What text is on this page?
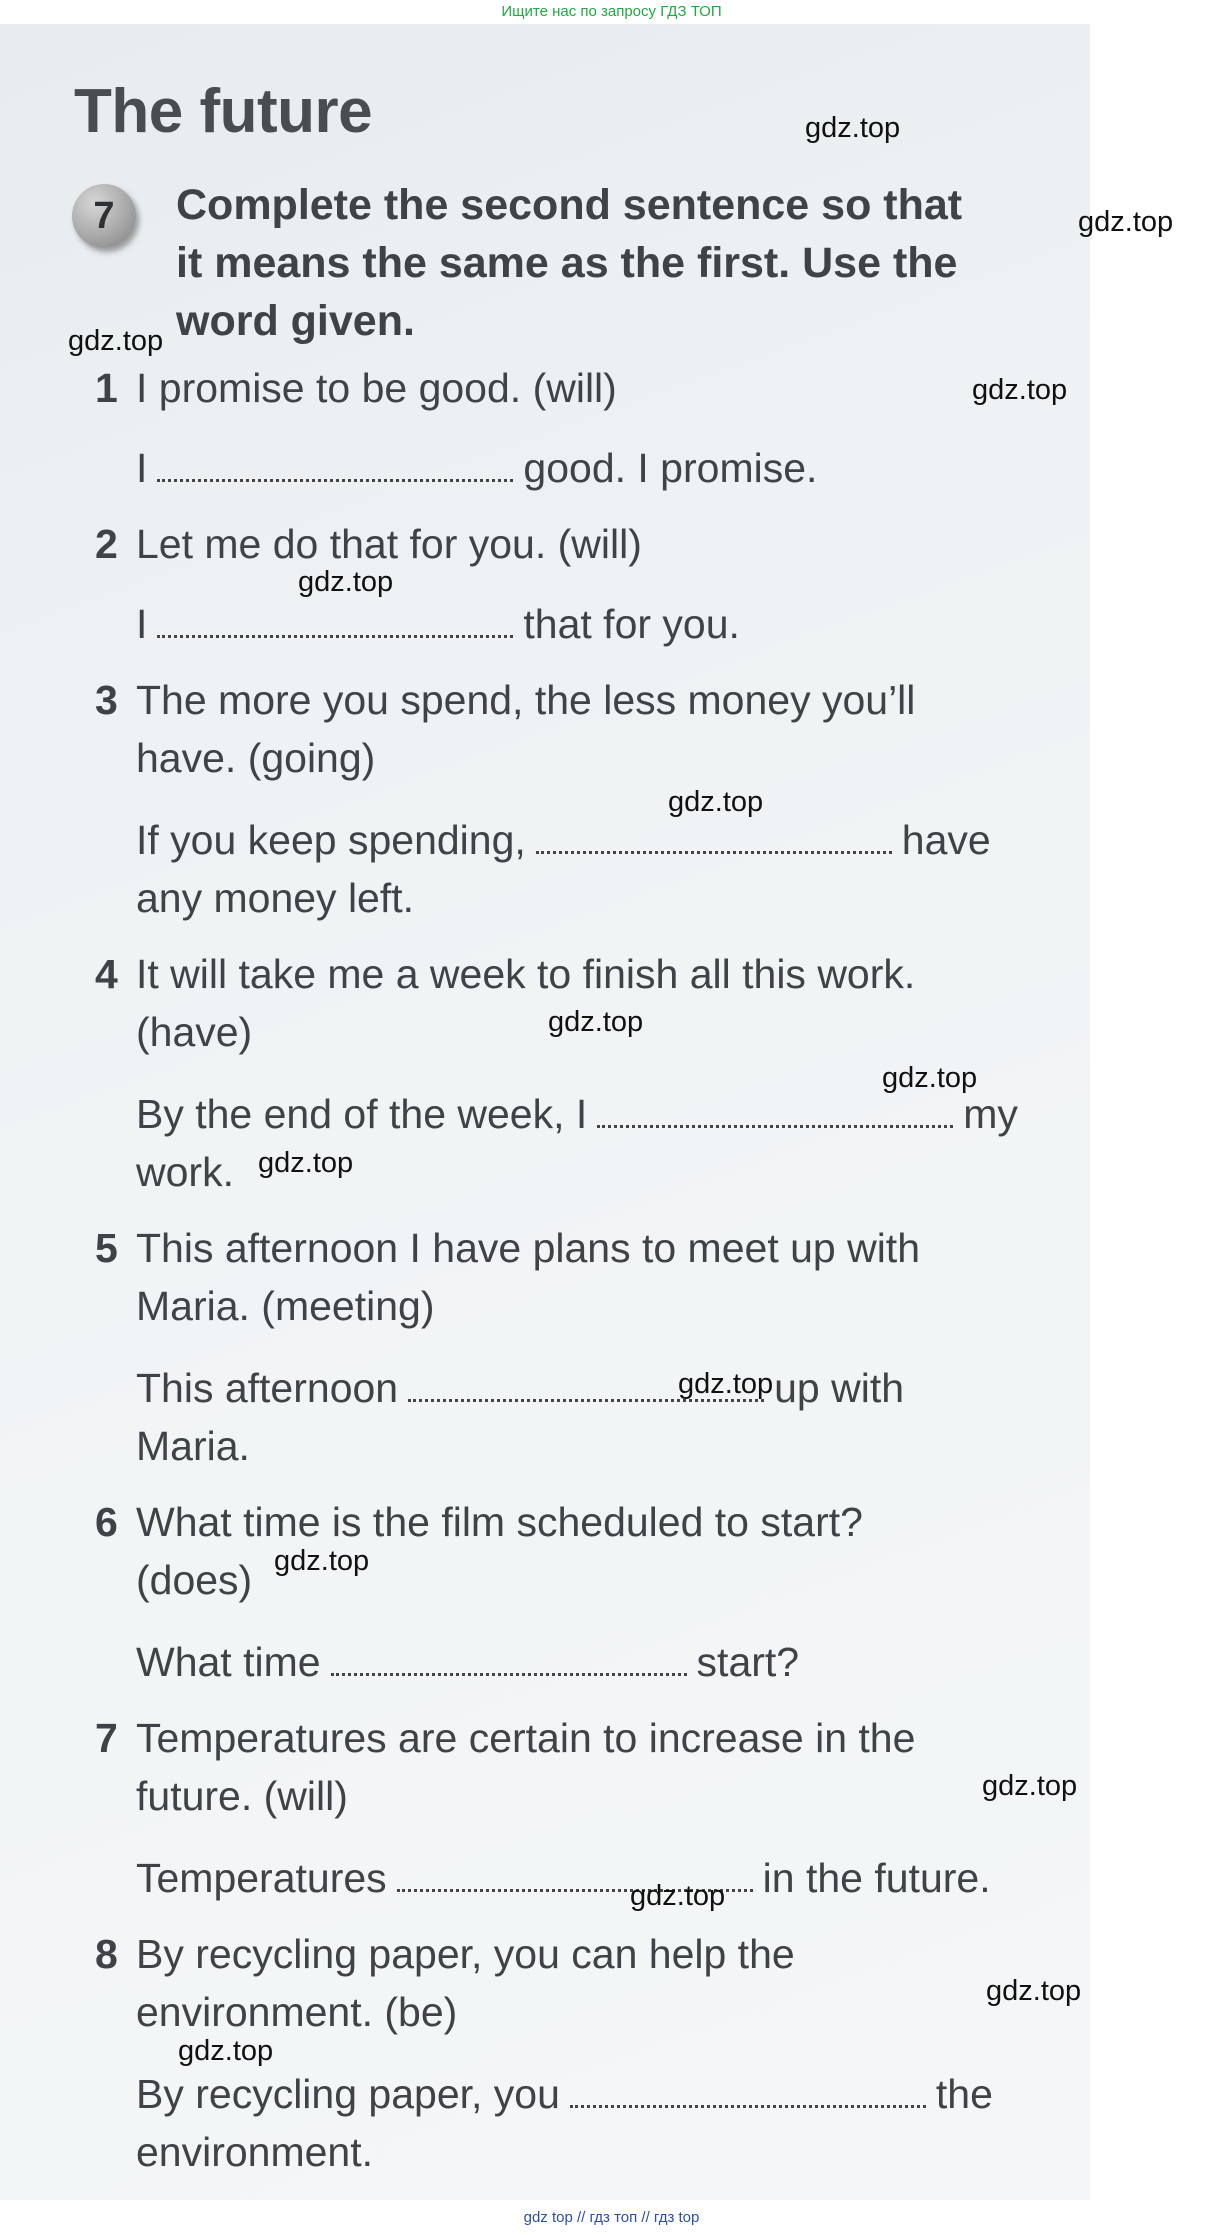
Ищите нас по запросу ГДЗ ТОП
The future
7	Complete the second sentence so that
it means the same as the first. Use the
word given.
1 I promise to be good. (will)
I	good. I promise.
2 Let me do that for you. (will)
I	that for you.
3 The more you spend, the less money you’ll
have. (going)
If you keep spending,	have
any money left.
4 It will take me a week to finish all this work.
(have)
By the end of the week, I	my
work.
5 This afternoon I have plans to meet up with
Maria. (meeting)
This afternoon	up with
Maria.
6 What time is the film scheduled to start?
(does)
What time	start?
7 Temperatures are certain to increase in the
future. (will)
Temperatures	in the future.
8 By recycling paper, you can help the
environment. (be)
By recycling paper, you	the
environment.
gdz.top
gdz.top
gdz.top
gdz.top
gdz.top
gdz.top
gdz.top
gdz.top
gdz.top
gdz.top
gdz.top
gdz.top
gdz.top
gdz.top
gdz.top
gdz top // гдз топ // гдз top
